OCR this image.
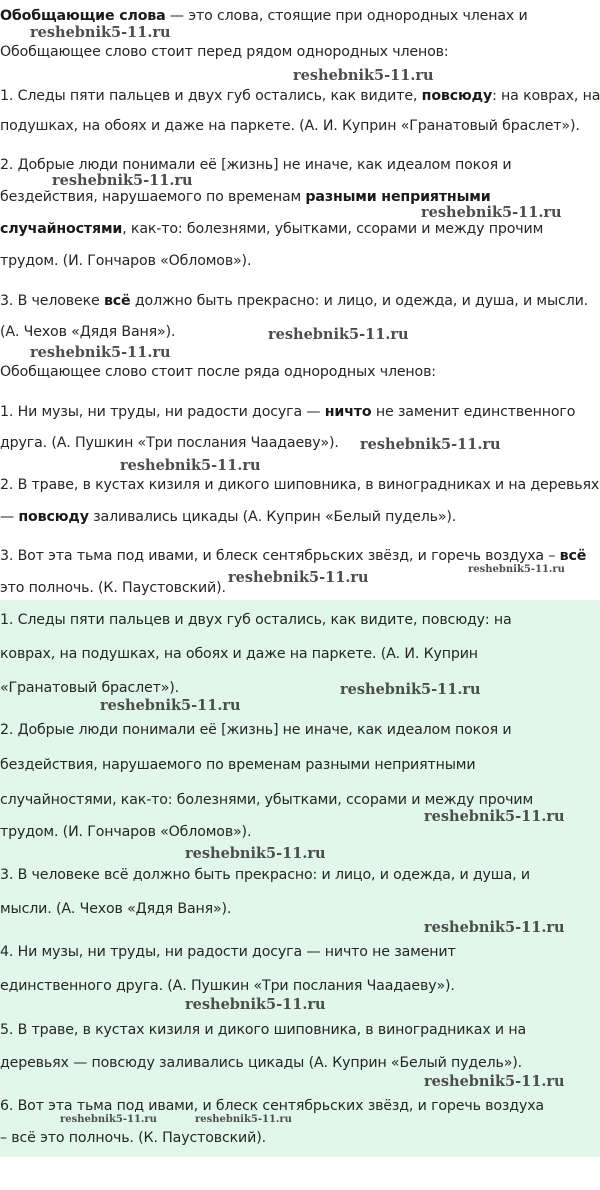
Обобщающие слова — это слова, стоящие при однородных членах и
Обобщающее слово стоит перед рядом однородных членов:
1. Следы пяти пальцев и двух губ остались, как видите, повсюду: на коврах, на
подушках, на обоях и даже на паркете. (А. И. Куприн «Гранатовый браслет»).
2. Добрые люди понимали её [жизнь] не иначе, как идеалом покоя и
бездействия, нарушаемого по временам разными неприятными
случайностями, как-то: болезнями, убытками, ссорами и между прочим
трудом. (И. Гончаров «Обломов»).
3. В человеке всё должно быть прекрасно: и лицо, и одежда, и душа, и мысли.
(А. Чехов «Дядя Ваня»).
Обобщающее слово стоит после ряда однородных членов:
1. Ни музы, ни труды, ни радости досуга — ничто не заменит единственного
друга. (А. Пушкин «Три послания Чаадаеву»).
2. В траве, в кустах кизиля и дикого шиповника, в виноградниках и на деревьях
— повсюду заливались цикады (А. Куприн «Белый пудель»).
3. Вот эта тьма под ивами, и блеск сентябрьских звёзд, и горечь воздуха – всё
это полночь. (К. Паустовский).
1. Следы пяти пальцев и двух губ остались, как видите, повсюду: на
коврах, на подушках, на обоях и даже на паркете. (А. И. Куприн
«Гранатовый браслет»).
2. Добрые люди понимали её [жизнь] не иначе, как идеалом покоя и
бездействия, нарушаемого по временам разными неприятными
случайностями, как-то: болезнями, убытками, ссорами и между прочим
трудом. (И. Гончаров «Обломов»).
3. В человеке всё должно быть прекрасно: и лицо, и одежда, и душа, и
мысли. (А. Чехов «Дядя Ваня»).
4. Ни музы, ни труды, ни радости досуга — ничто не заменит
единственного друга. (А. Пушкин «Три послания Чаадаеву»).
5. В траве, в кустах кизиля и дикого шиповника, в виноградниках и на
деревьях — повсюду заливались цикады (А. Куприн «Белый пудель»).
6. Вот эта тьма под ивами, и блеск сентябрьских звёзд, и горечь воздуха
– всё это полночь. (К. Паустовский).
reshebnik5-11.ru
reshebnik5-11.ru
reshebnik5-11.ru
reshebnik5-11.ru
reshebnik5-11.ru
reshebnik5-11.ru
reshebnik5-11.ru
reshebnik5-11.ru
reshebnik5-11.ru	reshebnik5-11.ru
reshebnik5-11.ru
reshebnik5-11.ru
reshebnik5-11.ru
reshebnik5-11.ru
reshebnik5-11.ru
reshebnik5-11.ru
reshebnik5-11.ru
reshebnik5-11.ru	reshebnik5-11.ru
